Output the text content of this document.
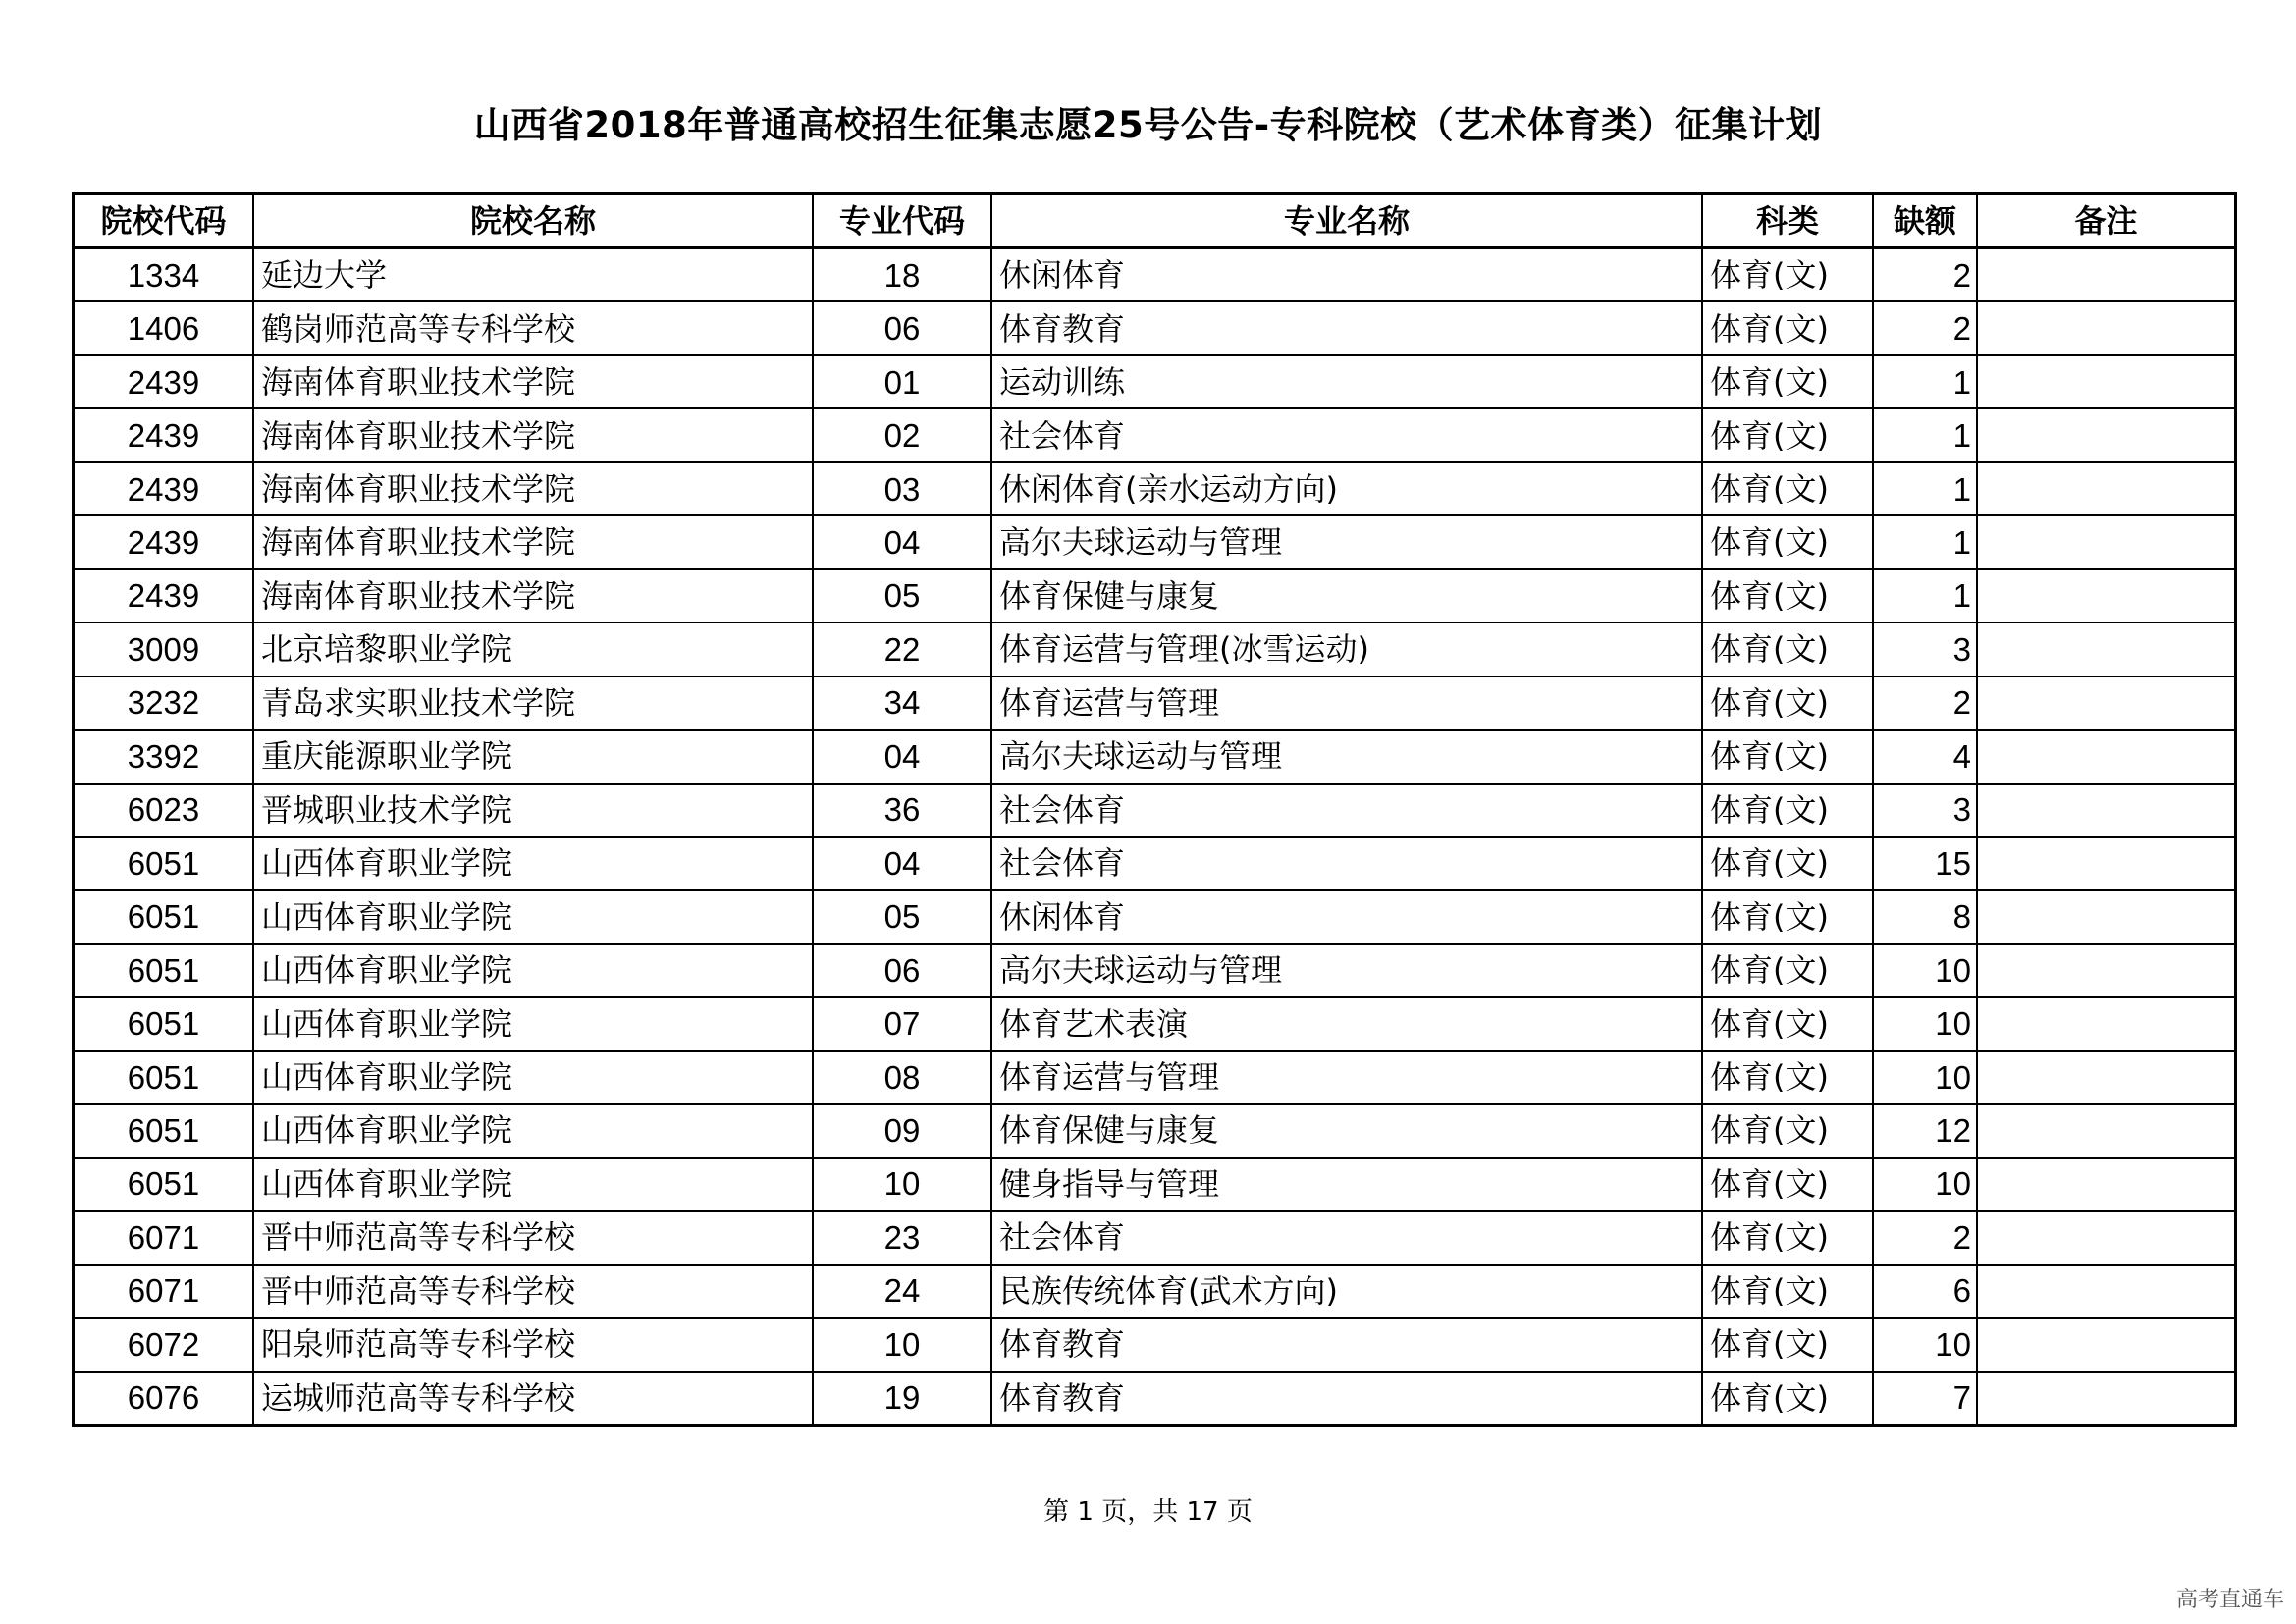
山西省2018年普通高校招生征集志愿25号公告-专科院校（艺术体育类）征集计划
院校代码	院校名称	专业代码	专业名称	科类	缺额	备注
1334	延边大学	18	休闲体育	体育(文)	2	
1406	鹤岗师范高等专科学校	06	体育教育	体育(文)	2	
2439	海南体育职业技术学院	01	运动训练	体育(文)	1	
2439	海南体育职业技术学院	02	社会体育	体育(文)	1	
2439	海南体育职业技术学院	03	休闲体育(亲水运动方向)	体育(文)	1	
2439	海南体育职业技术学院	04	高尔夫球运动与管理	体育(文)	1	
2439	海南体育职业技术学院	05	体育保健与康复	体育(文)	1	
3009	北京培黎职业学院	22	体育运营与管理(冰雪运动)	体育(文)	3	
3232	青岛求实职业技术学院	34	体育运营与管理	体育(文)	2	
3392	重庆能源职业学院	04	高尔夫球运动与管理	体育(文)	4	
6023	晋城职业技术学院	36	社会体育	体育(文)	3	
6051	山西体育职业学院	04	社会体育	体育(文)	15	
6051	山西体育职业学院	05	休闲体育	体育(文)	8	
6051	山西体育职业学院	06	高尔夫球运动与管理	体育(文)	10	
6051	山西体育职业学院	07	体育艺术表演	体育(文)	10	
6051	山西体育职业学院	08	体育运营与管理	体育(文)	10	
6051	山西体育职业学院	09	体育保健与康复	体育(文)	12	
6051	山西体育职业学院	10	健身指导与管理	体育(文)	10	
6071	晋中师范高等专科学校	23	社会体育	体育(文)	2	
6071	晋中师范高等专科学校	24	民族传统体育(武术方向)	体育(文)	6	
6072	阳泉师范高等专科学校	10	体育教育	体育(文)	10	
6076	运城师范高等专科学校	19	体育教育	体育(文)	7	
第 1 页，共 17 页
高考直通车
